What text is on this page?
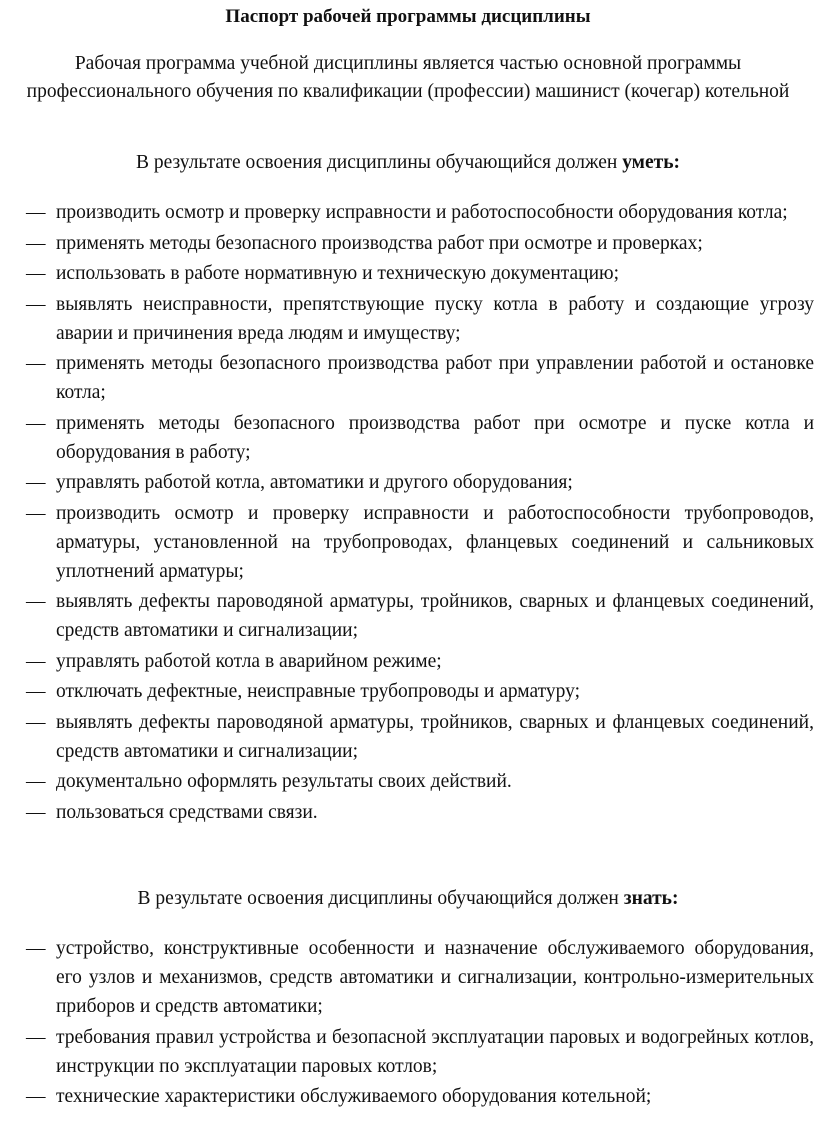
Паспорт рабочей программы дисциплины
Рабочая программа учебной дисциплины является частью основной программы профессионального обучения по квалификации (профессии) машинист (кочегар) котельной
В результате освоения дисциплины обучающийся должен уметь:
— производить осмотр и проверку исправности и работоспособности оборудования котла;
— применять методы безопасного производства работ при осмотре и проверках;
— использовать в работе нормативную и техническую документацию;
— выявлять неисправности, препятствующие пуску котла в работу и создающие угрозу аварии и причинения вреда людям и имуществу;
— применять методы безопасного производства работ при управлении работой и остановке котла;
— применять методы безопасного производства работ при осмотре и пуске котла и оборудования в работу;
— управлять работой котла, автоматики и другого оборудования;
— производить осмотр и проверку исправности и работоспособности трубопроводов, арматуры, установленной на трубопроводах, фланцевых соединений и сальниковых уплотнений арматуры;
— выявлять дефекты пароводяной арматуры, тройников, сварных и фланцевых соединений, средств автоматики и сигнализации;
— управлять работой котла в аварийном режиме;
— отключать дефектные, неисправные трубопроводы и арматуру;
— выявлять дефекты пароводяной арматуры, тройников, сварных и фланцевых соединений, средств автоматики и сигнализации;
— документально оформлять результаты своих действий.
— пользоваться средствами связи.
В результате освоения дисциплины обучающийся должен знать:
— устройство, конструктивные особенности и назначение обслуживаемого оборудования, его узлов и механизмов, средств автоматики и сигнализации, контрольно-измерительных приборов и средств автоматики;
— требования правил устройства и безопасной эксплуатации паровых и водогрейных котлов, инструкции по эксплуатации паровых котлов;
— технические характеристики обслуживаемого оборудования котельной;
